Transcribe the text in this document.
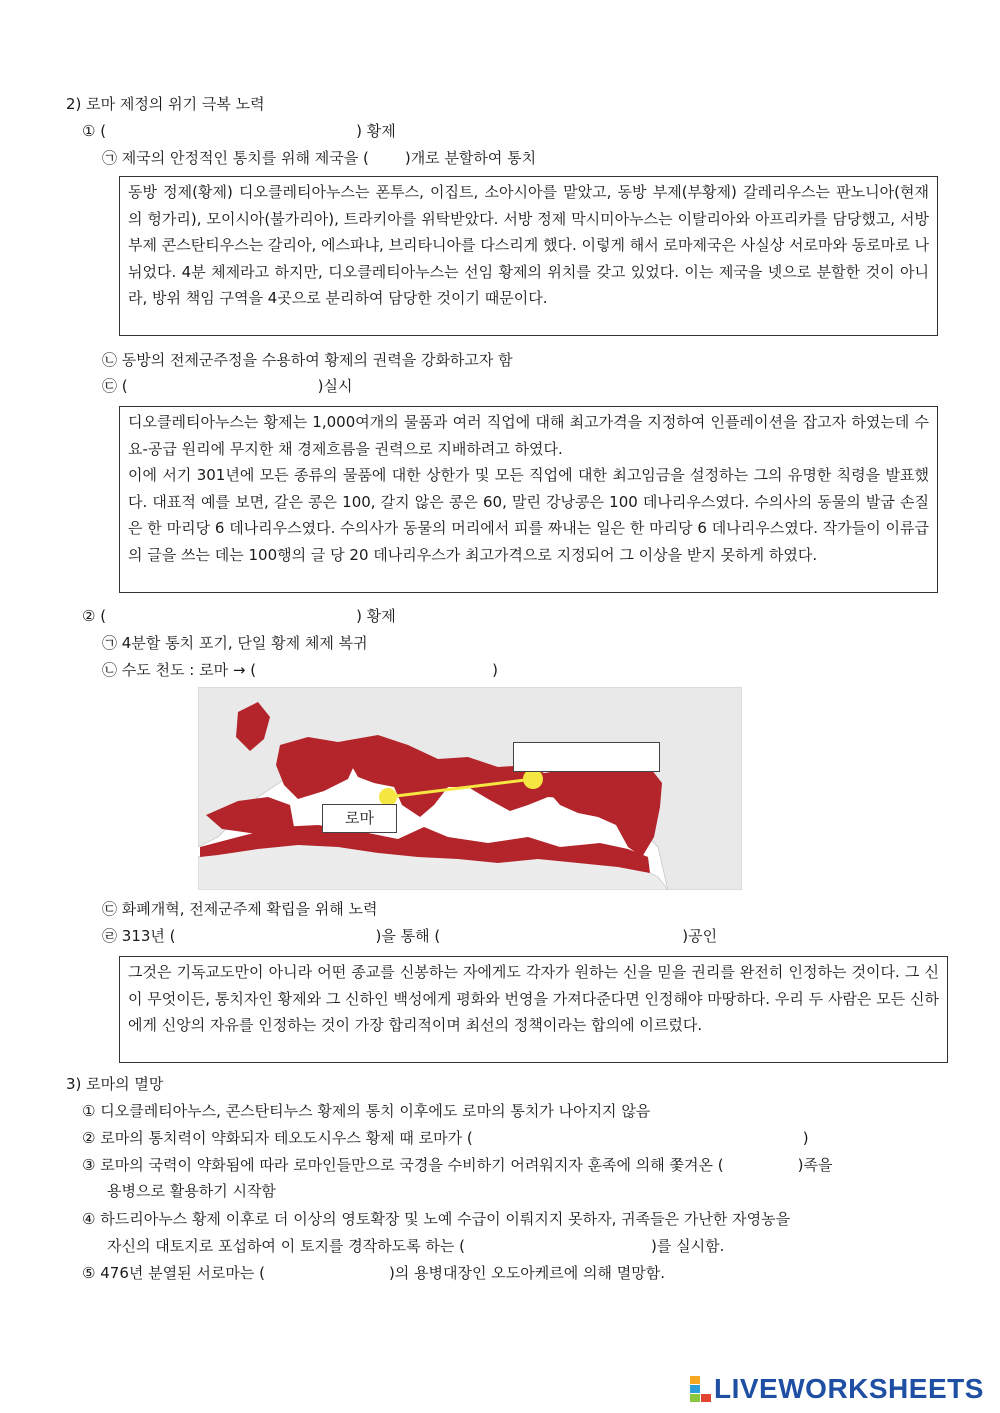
2) 로마 제정의 위기 극복 노력
① (	) 황제
㉠ 제국의 안정적인 통치를 위해 제국을 ( )개로 분할하여 통치

동방 정제(황제) 디오클레티아누스는 폰투스, 이집트, 소아시아를 맡았고, 동방 부제(부황제) 갈레리우스는 판노니아(현재의 헝가리), 모이시아(불가리아), 트라키아를 위탁받았다. 서방 정제 막시미아누스는 이탈리아와 아프리카를 담당했고, 서방 부제 콘스탄티우스는 갈리아, 에스파냐, 브리타니아를 다스리게 했다. 이렇게 해서 로마제국은 사실상 서로마와 동로마로 나뉘었다. 4분 체제라고 하지만, 디오클레티아누스는 선임 황제의 위치를 갖고 있었다. 이는 제국을 넷으로 분할한 것이 아니라, 방위 책임 구역을 4곳으로 분리하여 담당한 것이기 때문이다.

㉡ 동방의 전제군주정을 수용하여 황제의 권력을 강화하고자 함
㉢ (	)실시

디오클레티아누스는 황제는 1,000여개의 물품과 여러 직업에 대해 최고가격을 지정하여 인플레이션을 잡고자 하였는데 수요-공급 원리에 무지한 채 경제흐름을 권력으로 지배하려고 하였다.

이에 서기 301년에 모든 종류의 물품에 대한 상한가 및 모든 직업에 대한 최고임금을 설정하는 그의 유명한 칙령을 발표했다. 대표적 예를 보면, 갈은 콩은 100, 갈지 않은 콩은 60, 말린 강낭콩은 100 데나리우스였다. 수의사의 동물의 발굽 손질은 한 마리당 6 데나리우스였다. 수의사가 동물의 머리에서 피를 짜내는 일은 한 마리당 6 데나리우스였다. 작가들이 이류급의 글을 쓰는 데는 100행의 글 당 20 데나리우스가 최고가격으로 지정되어 그 이상을 받지 못하게 하였다.

② (	) 황제
㉠ 4분할 통치 포기, 단일 황제 체제 복귀
㉡ 수도 천도 : 로마 → (	)
로마
㉢ 화폐개혁, 전제군주제 확립을 위해 노력
㉣ 313년 (	)을 통해 (	)공인

그것은 기독교도만이 아니라 어떤 종교를 신봉하는 자에게도 각자가 원하는 신을 믿을 권리를 완전히 인정하는 것이다. 그 신이 무엇이든, 통치자인 황제와 그 신하인 백성에게 평화와 번영을 가져다준다면 인정해야 마땅하다. 우리 두 사람은 모든 신하에게 신앙의 자유를 인정하는 것이 가장 합리적이며 최선의 정책이라는 합의에 이르렀다.

3) 로마의 멸망
① 디오클레티아누스, 콘스탄티누스 황제의 통치 이후에도 로마의 통치가 나아지지 않음
② 로마의 통치력이 약화되자 테오도시우스 황제 때 로마가 (	)
③ 로마의 국력이 약화됨에 따라 로마인들만으로 국경을 수비하기 어려워지자 훈족에 의해 쫓겨온 (	)족을
용병으로 활용하기 시작함
④ 하드리아누스 황제 이후로 더 이상의 영토확장 및 노예 수급이 이뤄지지 못하자, 귀족들은 가난한 자영농을
자신의 대토지로 포섭하여 이 토지를 경작하도록 하는 (	)를 실시함.
⑤ 476년 분열된 서로마는 (	)의 용병대장인 오도아케르에 의해 멸망함.
LIVEWORKSHEETS
